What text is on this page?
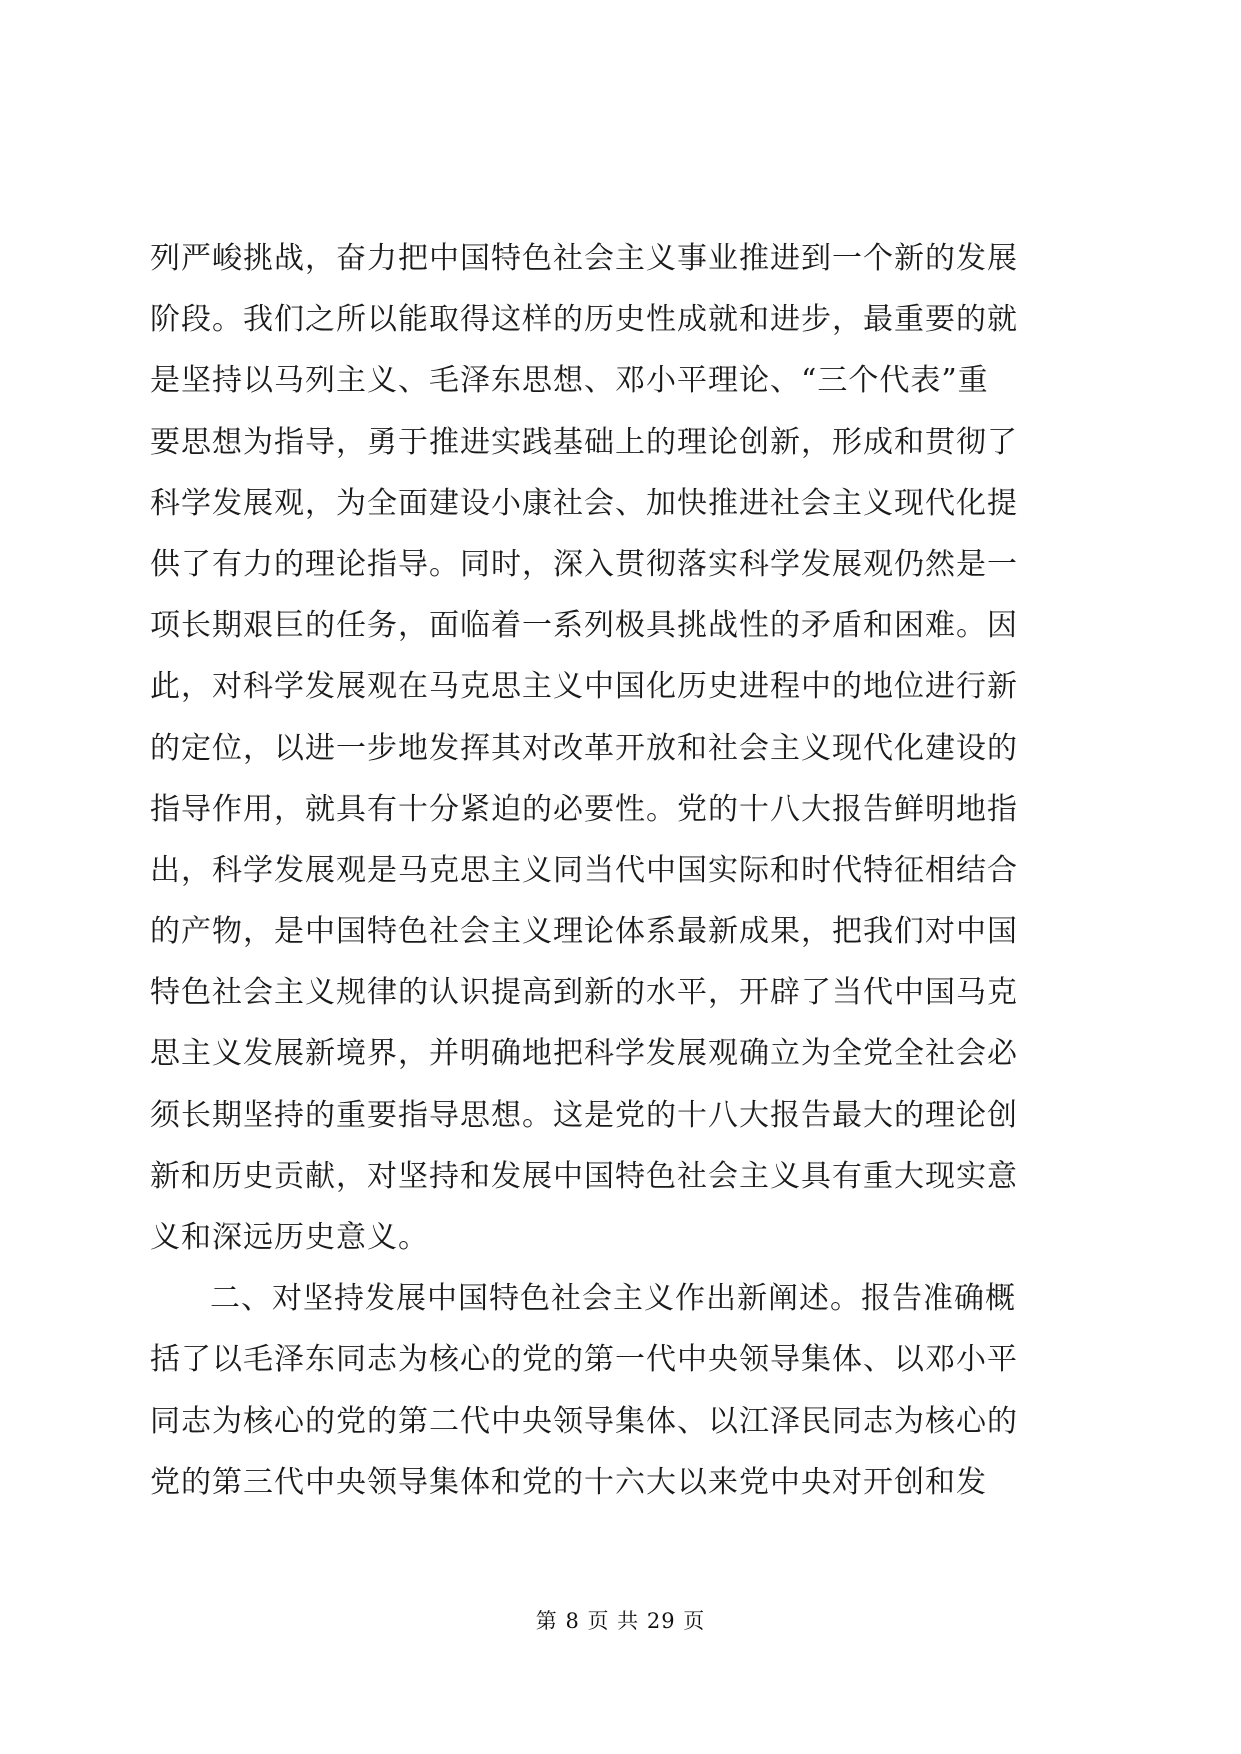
列严峻挑战，奋力把中国特色社会主义事业推进到一个新的发展
阶段。我们之所以能取得这样的历史性成就和进步，最重要的就
是坚持以马列主义、毛泽东思想、邓小平理论、“三个代表”重
要思想为指导，勇于推进实践基础上的理论创新，形成和贯彻了
科学发展观，为全面建设小康社会、加快推进社会主义现代化提
供了有力的理论指导。同时，深入贯彻落实科学发展观仍然是一
项长期艰巨的任务，面临着一系列极具挑战性的矛盾和困难。因
此，对科学发展观在马克思主义中国化历史进程中的地位进行新
的定位，以进一步地发挥其对改革开放和社会主义现代化建设的
指导作用，就具有十分紧迫的必要性。党的十八大报告鲜明地指
出，科学发展观是马克思主义同当代中国实际和时代特征相结合
的产物，是中国特色社会主义理论体系最新成果，把我们对中国
特色社会主义规律的认识提高到新的水平，开辟了当代中国马克
思主义发展新境界，并明确地把科学发展观确立为全党全社会必
须长期坚持的重要指导思想。这是党的十八大报告最大的理论创
新和历史贡献，对坚持和发展中国特色社会主义具有重大现实意
义和深远历史意义。
二、对坚持发展中国特色社会主义作出新阐述。报告准确概
括了以毛泽东同志为核心的党的第一代中央领导集体、以邓小平
同志为核心的党的第二代中央领导集体、以江泽民同志为核心的
党的第三代中央领导集体和党的十六大以来党中央对开创和发
第 8 页 共 29 页
